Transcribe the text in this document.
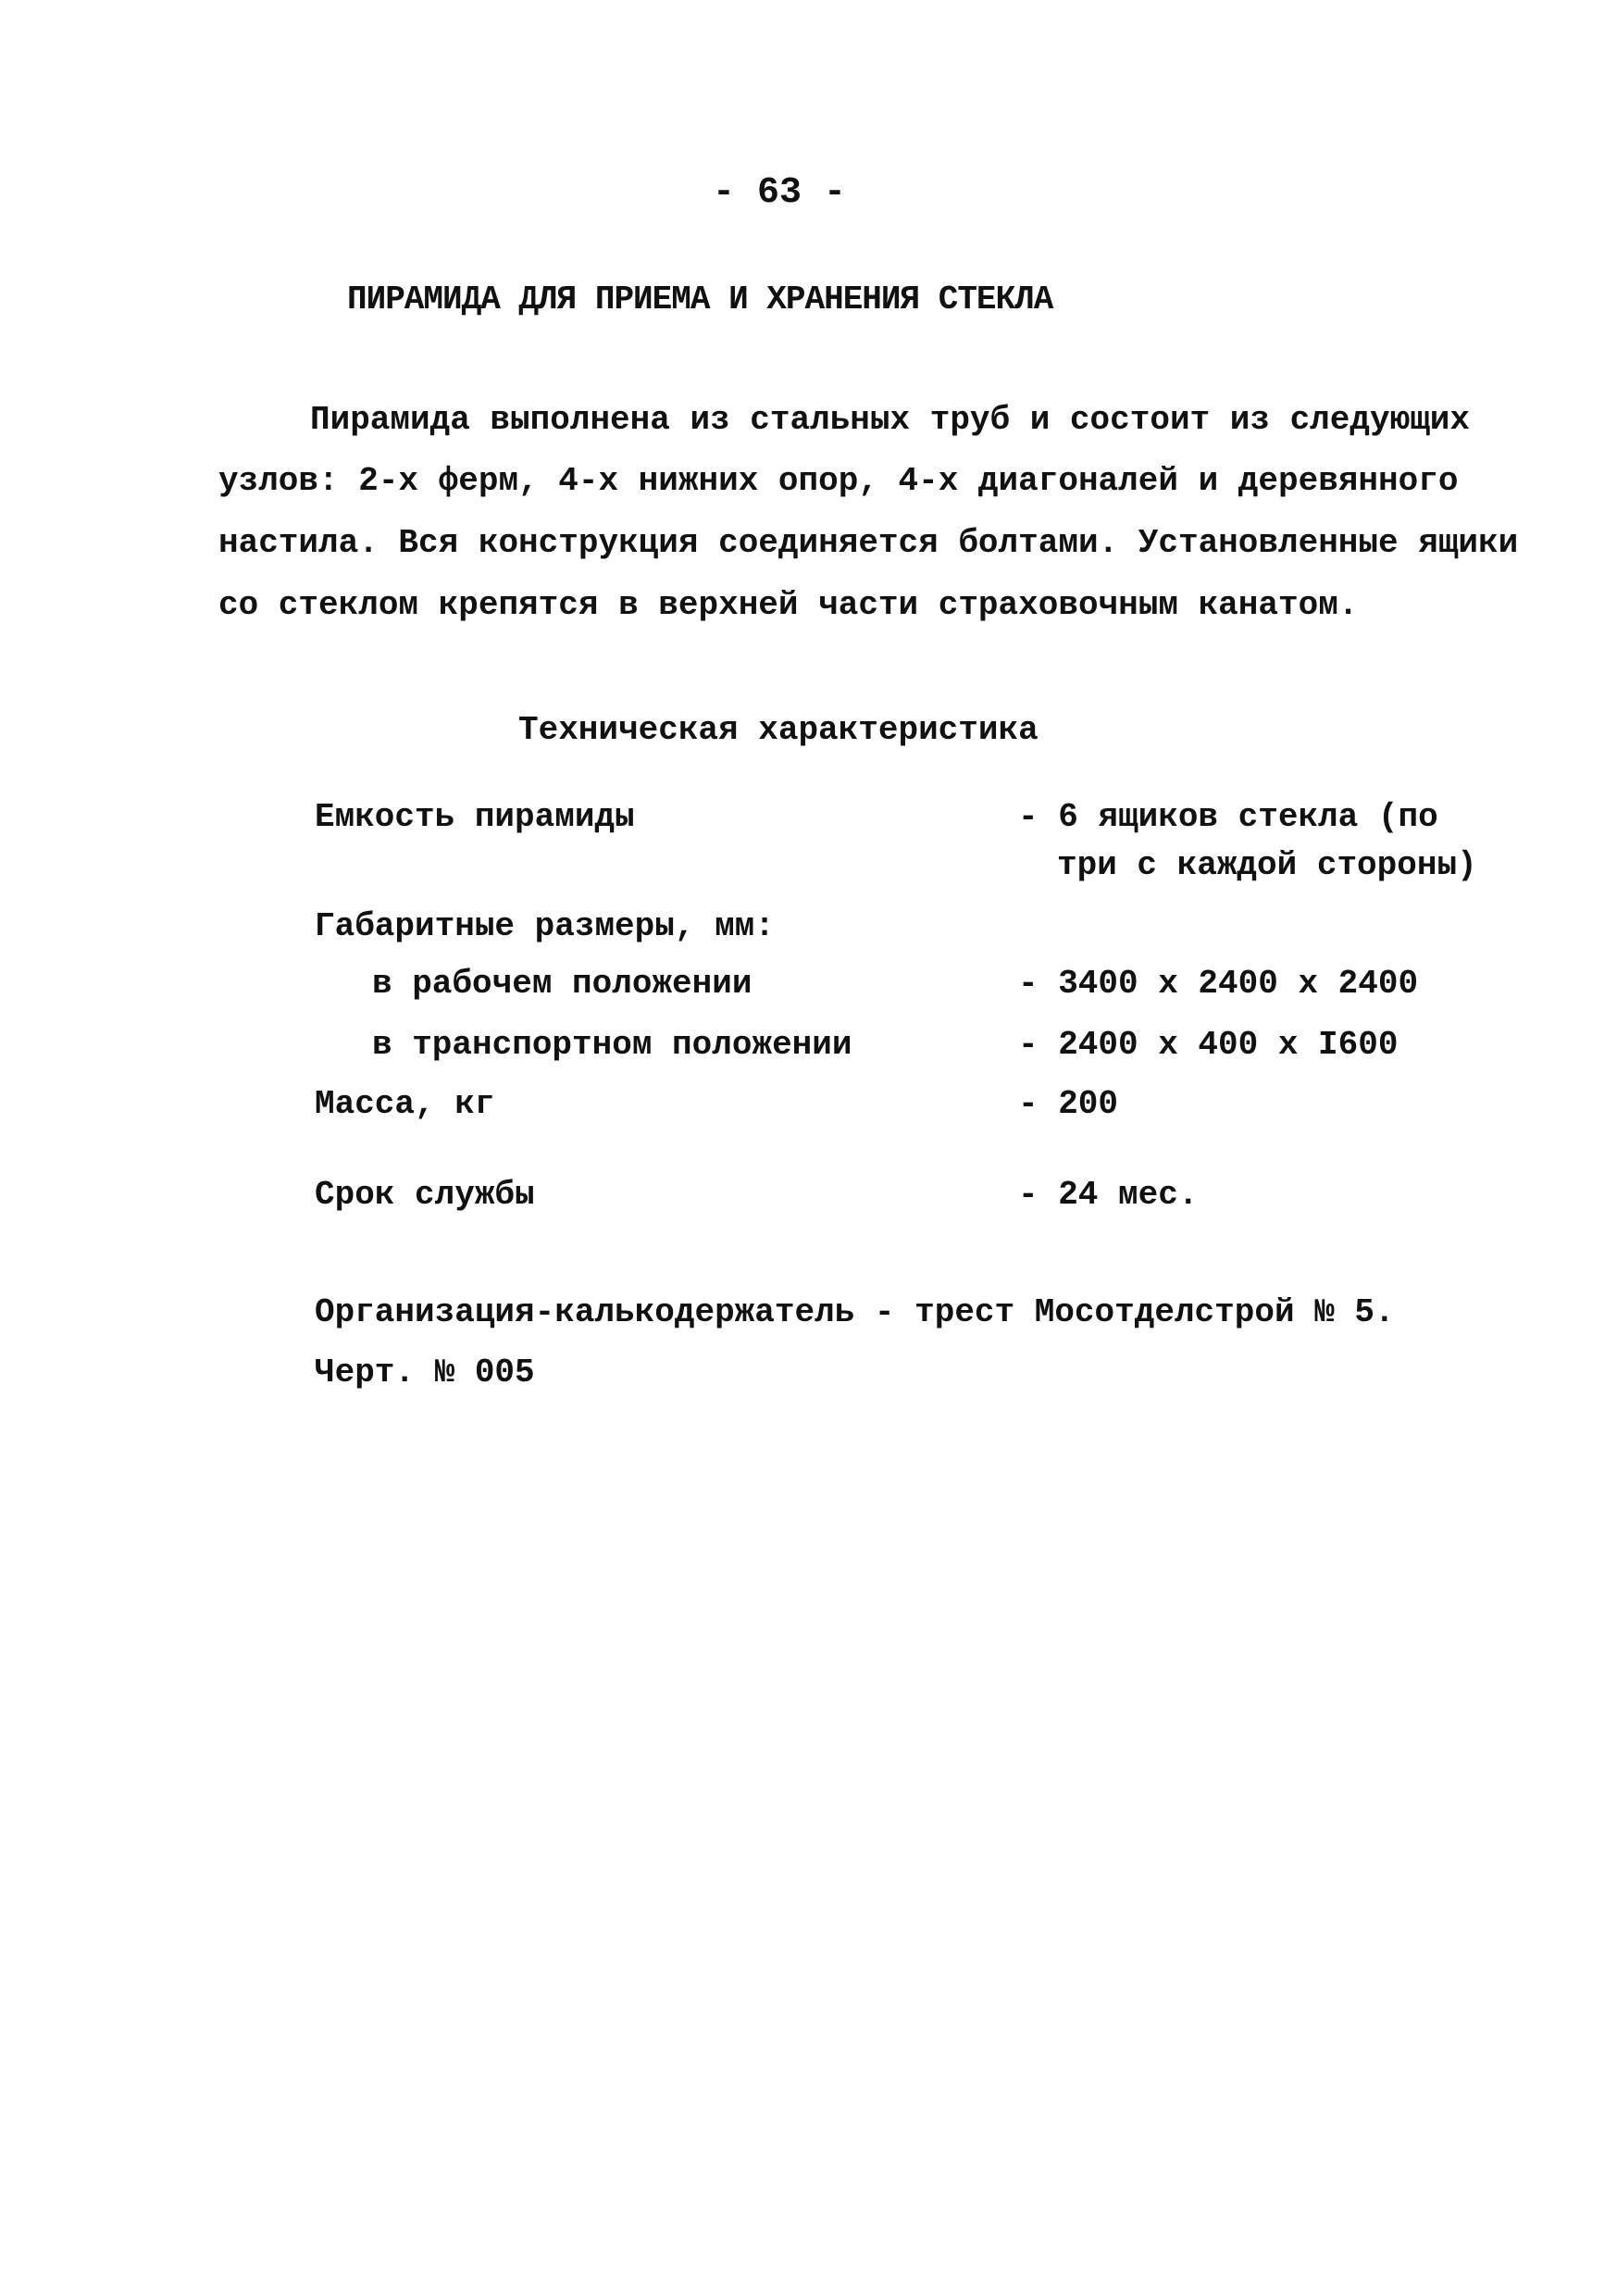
- 63 -
ПИРАМИДА ДЛЯ ПРИЕМА И ХРАНЕНИЯ СТЕКЛА
Пирамида выполнена из стальных труб и состоит из следующих
узлов: 2-х ферм, 4-х нижних опор, 4-х диагоналей и деревянного
настила. Вся конструкция соединяется болтами. Установленные ящики
со стеклом крепятся в верхней части страховочным канатом.
Техническая характеристика
Емкость пирамиды	- 6 ящиков стекла (по
три с каждой стороны)
Габаритные размеры, мм:
в рабочем положении	- 3400 x 2400 x 2400
в транспортном положении	- 2400 x 400 x I600
Масса, кг	- 200
Срок службы	- 24 мес.
Организация-калькодержатель - трест Мосотделстрой № 5.
Черт. № 005
